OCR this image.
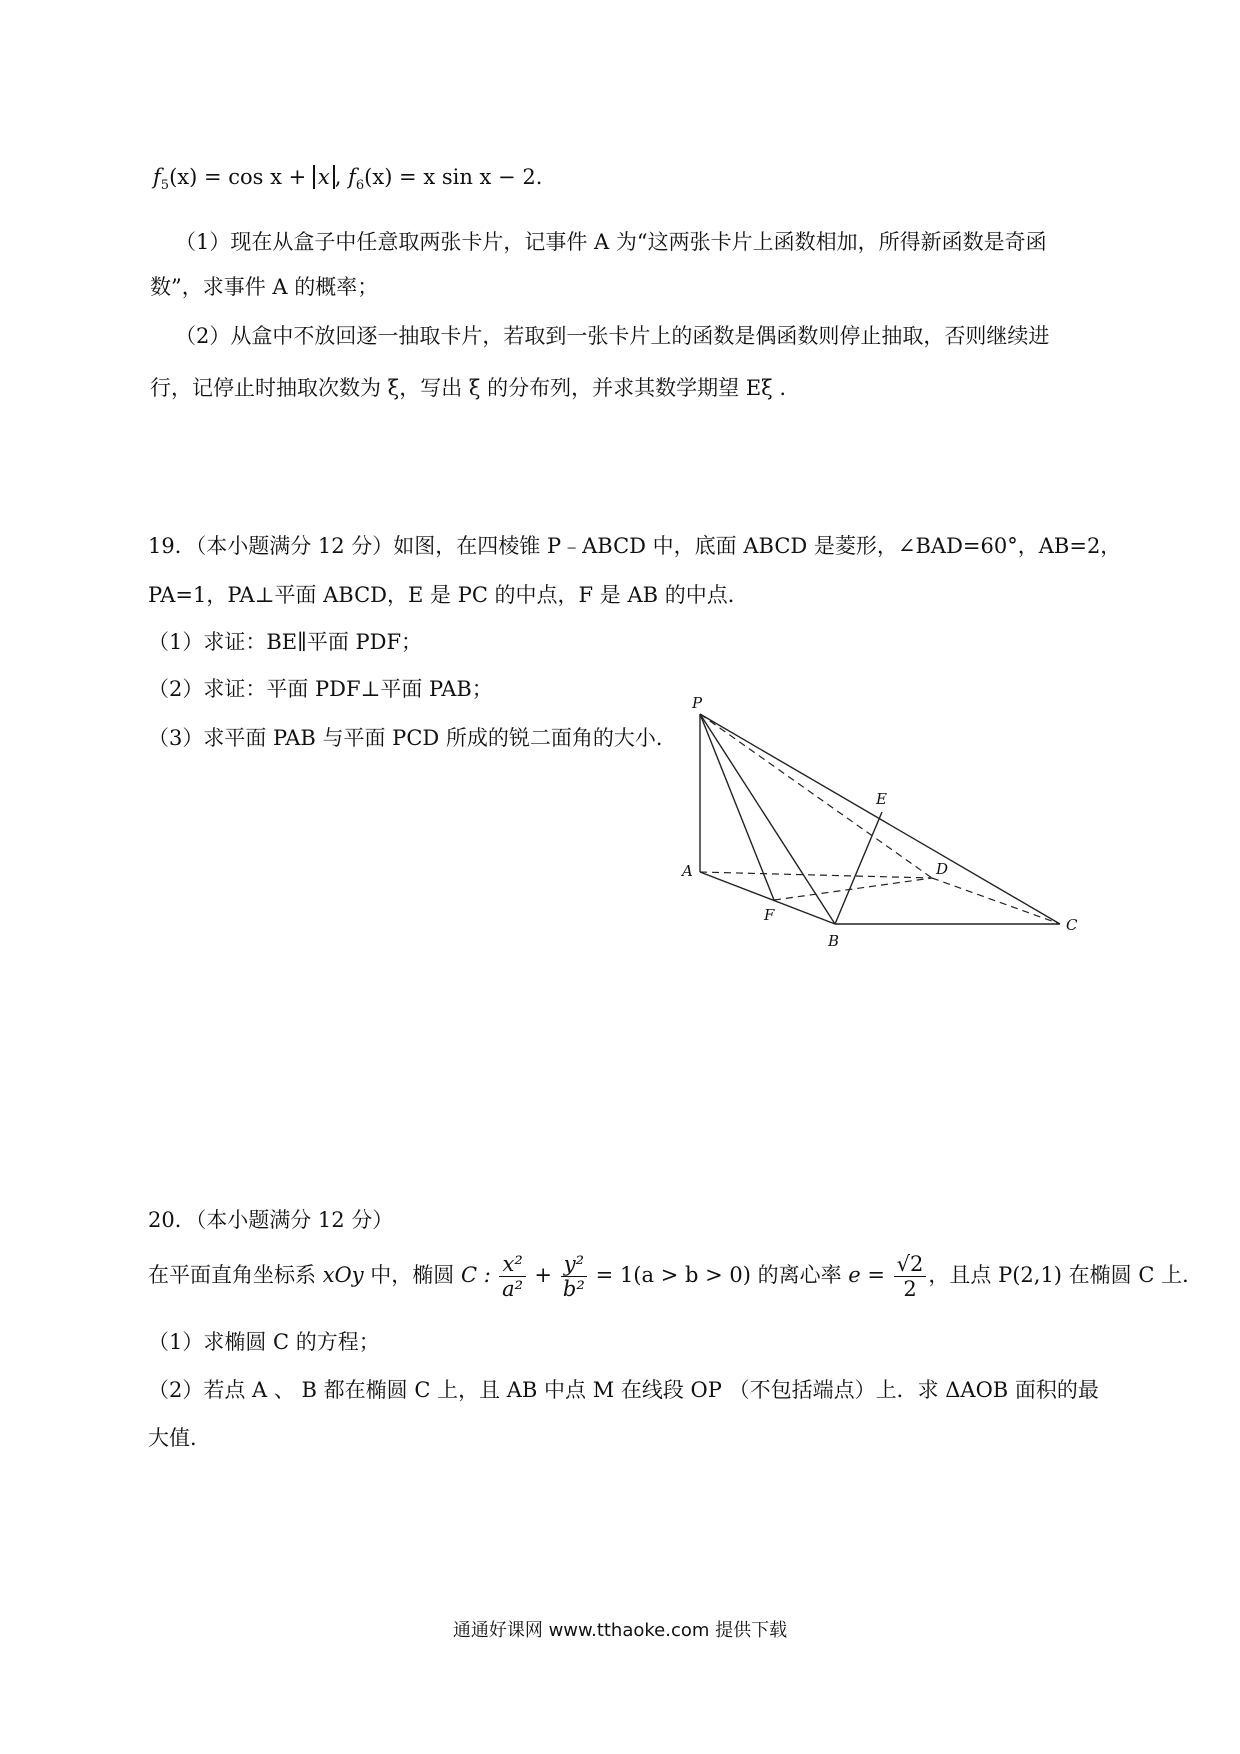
$f_5(x) = \cos x + x$ , $f_6(x) = x$ sin x − 2.
（1）现在从盒子中任意取两张卡片，记事件 A 为“这两张卡片上函数相加，所得新函数是奇函
数”，求事件 A 的概率；
（2）从盒中不放回逐一抽取卡片，若取到一张卡片上的函数是偶函数则停止抽取，否则继续进
行，记停止时抽取次数为 ξ，写出 ξ 的分布列，并求其数学期望 Eξ .
19．（本小题满分 12 分）如图，在四棱锥 P﹣ABCD 中，底面 ABCD 是菱形，∠BAD=60°，AB=2，
PA=1，PA⊥平面 ABCD，E 是 PC 的中点，F 是 AB 的中点．
（1）求证：BE∥平面 PDF；
（2）求证：平面 PDF⊥平面 PAB；
（3）求平面 PAB 与平面 PCD 所成的锐二面角的大小．
P
A
F
B
C
D
E
20．（本小题满分 12 分）
在平面直角坐标系 xOy 中，椭圆 C : $\frac{\text{x²}}{\text{a²}} + \frac{\text{y²}}{\text{b²}} = 1(a > b > 0)$ 的离心率 $e = \frac{√2}{2}$ ，且点 P(2,1) 在椭圆 C 上．
（1）求椭圆 C 的方程；
（2）若点 A 、 B 都在椭圆 C 上，且 AB 中点 M 在线段 OP （不包括端点）上．求 ΔAOB 面积的最
大值．
通通好课网 www.tthaoke.com 提供下载
